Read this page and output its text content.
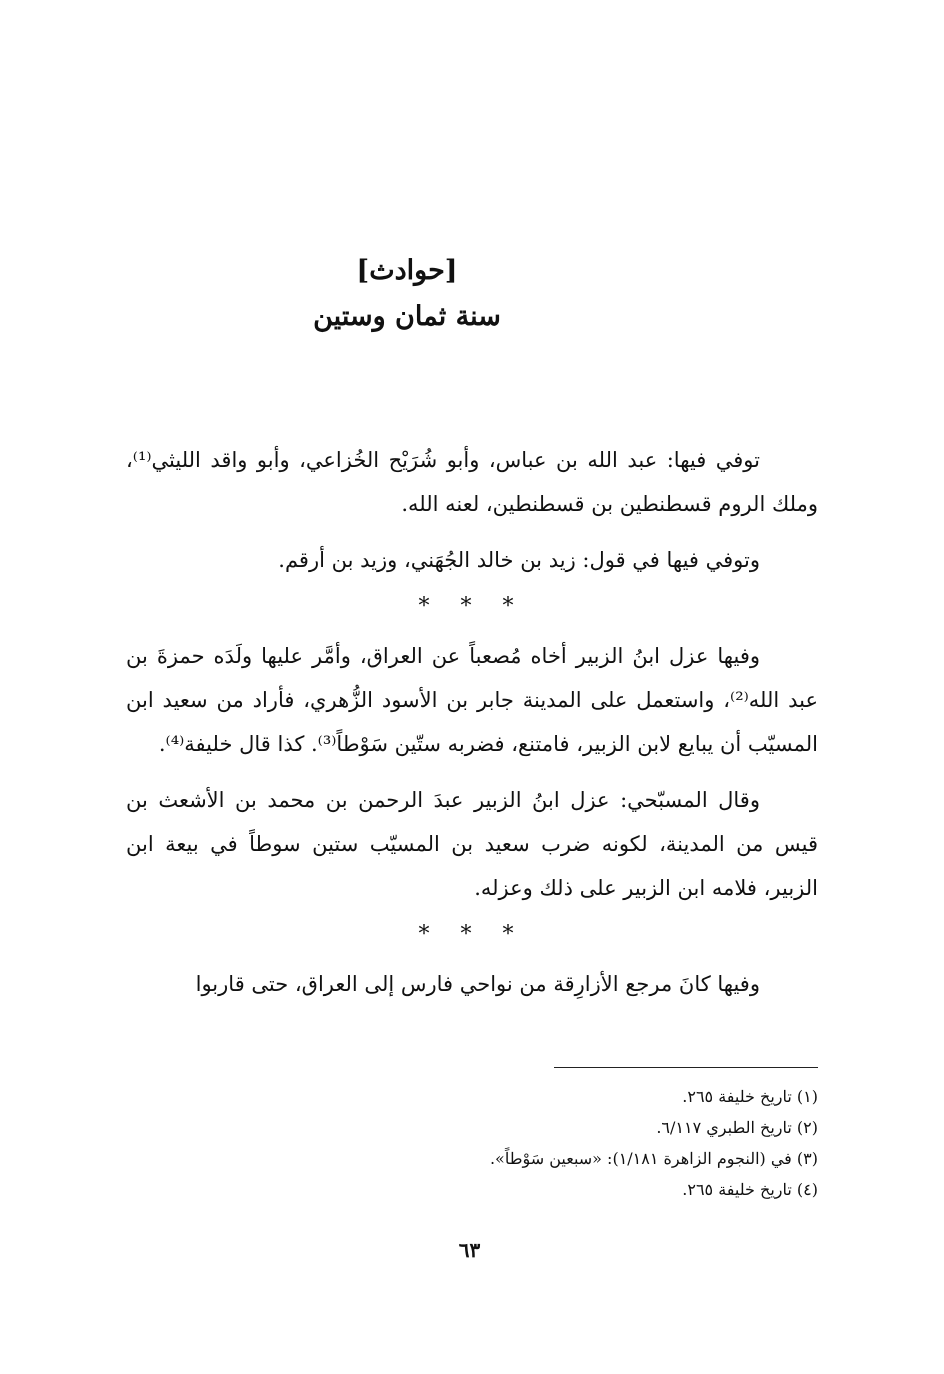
[حوادث]

سنة ثمان وستين

توفي فيها: عبد الله بن عباس، وأبو شُرَيْح الخُزاعي، وأبو واقد الليثي⁽¹⁾، وملك الروم قسطنطين بن قسطنطين، لعنه الله.

وتوفي فيها في قول: زيد بن خالد الجُهَني، وزيد بن أرقم.

* * *

وفيها عزل ابنُ الزبير أخاه مُصعباً عن العراق، وأمَّر عليها ولَدَه حمزةَ بن عبد الله⁽²⁾، واستعمل على المدينة جابر بن الأسود الزُّهري، فأراد من سعيد ابن المسيّب أن يبايع لابن الزبير، فامتنع، فضربه ستّين سَوْطاً⁽³⁾. كذا قال خليفة⁽⁴⁾.

وقال المسبّحي: عزل ابنُ الزبير عبدَ الرحمن بن محمد بن الأشعث بن قيس من المدينة، لكونه ضرب سعيد بن المسيّب ستين سوطاً في بيعة ابن الزبير، فلامه ابن الزبير على ذلك وعزله.

* * *

وفيها كانَ مرجع الأزارِقة من نواحي فارس إلى العراق، حتى قاربوا

(١) تاريخ خليفة ٢٦٥.

(٢) تاريخ الطبري ٦/١١٧.

(٣) في (النجوم الزاهرة ١/١٨١): «سبعين سَوْطاً».

(٤) تاريخ خليفة ٢٦٥.

٦٣
